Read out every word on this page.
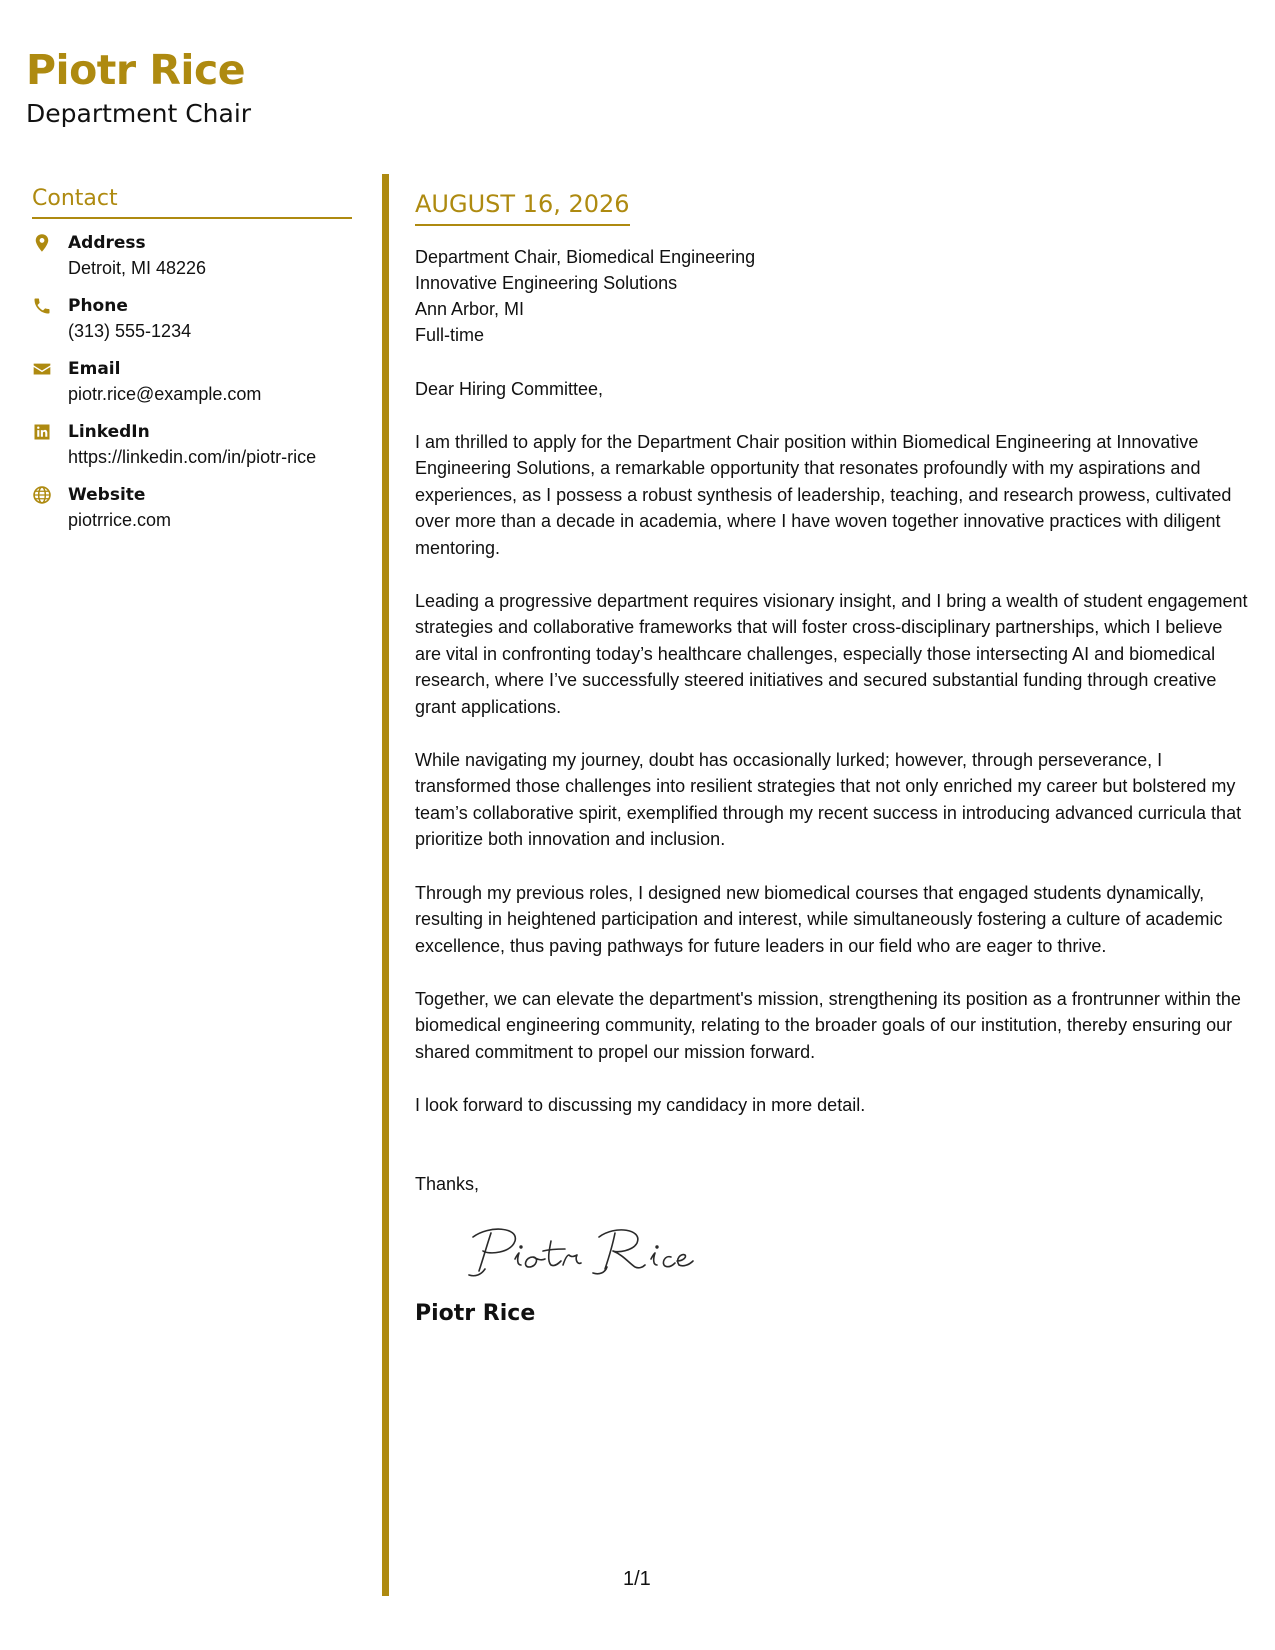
Piotr Rice
Department Chair
Contact
Address
Detroit, MI 48226
Phone
(313) 555-1234
Email
piotr.rice@example.com
LinkedIn
https://linkedin.com/in/piotr-rice
Website
piotrrice.com
AUGUST 16, 2026
Department Chair, Biomedical Engineering
Innovative Engineering Solutions
Ann Arbor, MI
Full-time
Dear Hiring Committee,

I am thrilled to apply for the Department Chair position within Biomedical Engineering at Innovative Engineering Solutions, a remarkable opportunity that resonates profoundly with my aspirations and experiences, as I possess a robust synthesis of leadership, teaching, and research prowess, cultivated over more than a decade in academia, where I have woven together innovative practices with diligent mentoring.

Leading a progressive department requires visionary insight, and I bring a wealth of student engagement strategies and collaborative frameworks that will foster cross-disciplinary partnerships, which I believe are vital in confronting today’s healthcare challenges, especially those intersecting AI and biomedical research, where I’ve successfully steered initiatives and secured substantial funding through creative grant applications.

While navigating my journey, doubt has occasionally lurked; however, through perseverance, I transformed those challenges into resilient strategies that not only enriched my career but bolstered my team’s collaborative spirit, exemplified through my recent success in introducing advanced curricula that prioritize both innovation and inclusion.

Through my previous roles, I designed new biomedical courses that engaged students dynamically, resulting in heightened participation and interest, while simultaneously fostering a culture of academic excellence, thus paving pathways for future leaders in our field who are eager to thrive.

Together, we can elevate the department's mission, strengthening its position as a frontrunner within the biomedical engineering community, relating to the broader goals of our institution, thereby ensuring our shared commitment to propel our mission forward.

I look forward to discussing my candidacy in more detail.

Thanks,
Piotr Rice
1/1
